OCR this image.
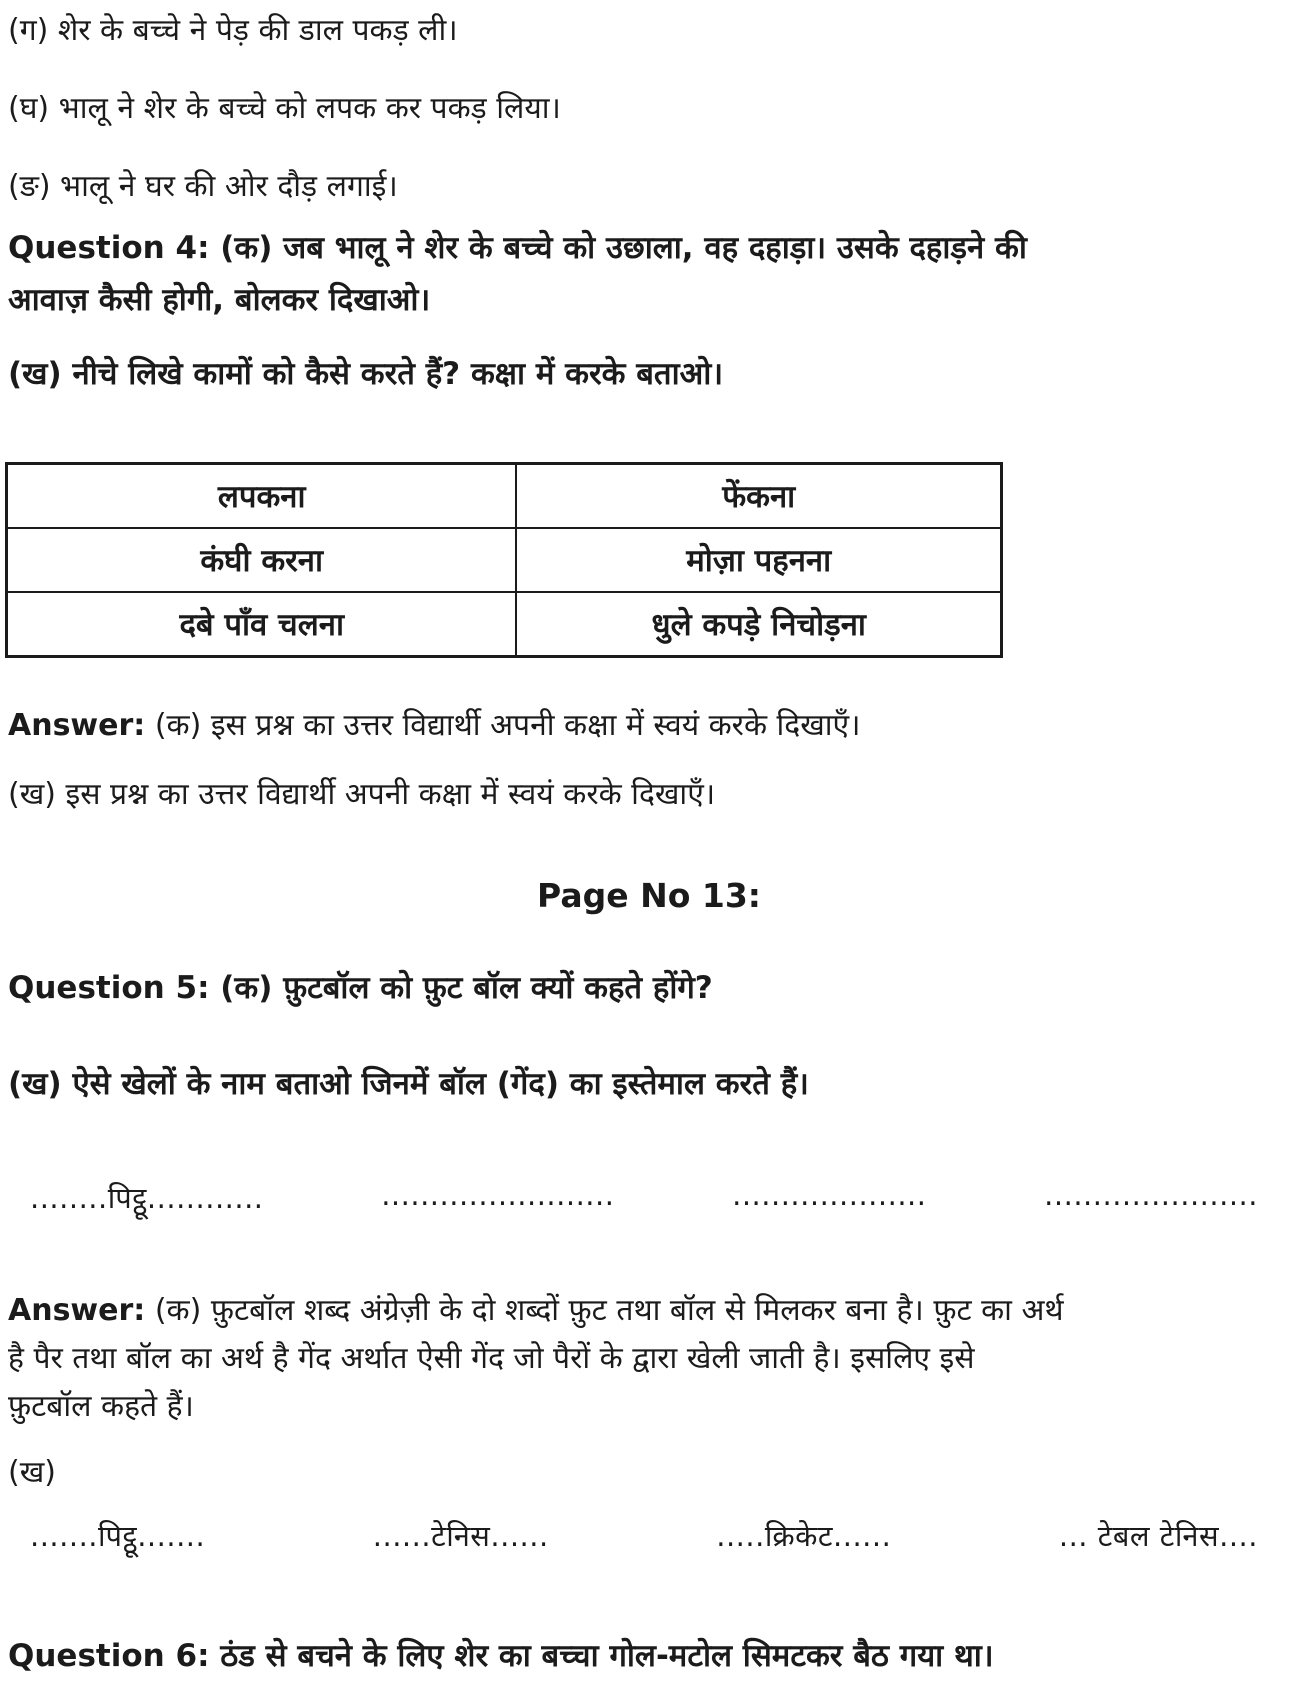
(ग) शेर के बच्चे ने पेड़ की डाल पकड़ ली।
(घ) भालू ने शेर के बच्चे को लपक कर पकड़ लिया।
(ङ) भालू ने घर की ओर दौड़ लगाई।
Question 4: (क) जब भालू ने शेर के बच्चे को उछाला, वह दहाड़ा। उसके दहाड़ने की
आवाज़ कैसी होगी, बोलकर दिखाओ।
(ख) नीचे लिखे कामों को कैसे करते हैं? कक्षा में करके बताओ।
लपकना	फेंकना
कंघी करना	मोज़ा पहनना
दबे पाँव चलना	धुले कपड़े निचोड़ना
Answer: (क) इस प्रश्न का उत्तर विद्यार्थी अपनी कक्षा में स्वयं करके दिखाएँ।
(ख) इस प्रश्न का उत्तर विद्यार्थी अपनी कक्षा में स्वयं करके दिखाएँ।
Page No 13:
Question 5: (क) फ़ुटबॉल को फ़ुट बॉल क्यों कहते होंगे?
(ख) ऐसे खेलों के नाम बताओ जिनमें बॉल (गेंद) का इस्तेमाल करते हैं।
........पिट्ठू............	........................	....................	......................
Answer: (क) फ़ुटबॉल शब्द अंग्रेज़ी के दो शब्दों फ़ुट तथा बॉल से मिलकर बना है। फ़ुट का अर्थ
है पैर तथा बॉल का अर्थ है गेंद अर्थात ऐसी गेंद जो पैरों के द्वारा खेली जाती है। इसलिए इसे
फ़ुटबॉल कहते हैं।
(ख)
.......पिट्ठू.......	......टेनिस......	.....क्रिकेट......	... टेबल टेनिस....
Question 6: ठंड से बचने के लिए शेर का बच्चा गोल-मटोल सिमटकर बैठ गया था।
